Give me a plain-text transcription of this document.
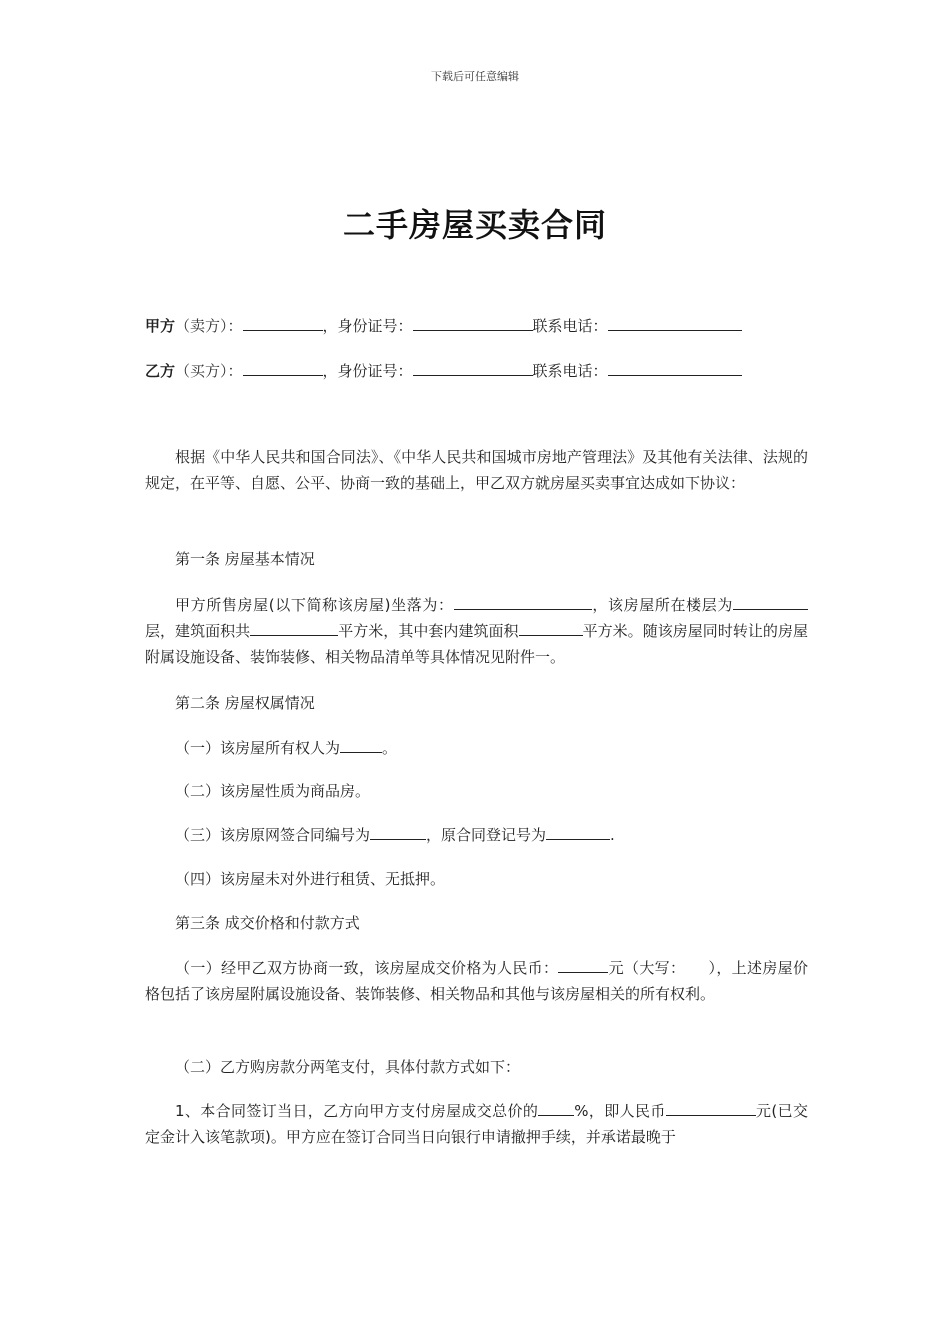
下载后可任意编辑
二手房屋买卖合同
甲方（卖方）：	，身份证号：	联系电话：
乙方（买方）：	，身份证号：	联系电话：

根据《中华人民共和国合同法》、《中华人民共和国城市房地产管理法》及其他有关法律、法规的规定，在平等、自愿、公平、协商一致的基础上，甲乙双方就房屋买卖事宜达成如下协议：

第一条 房屋基本情况

甲方所售房屋(以下简称该房屋)坐落为：	，该房屋所在楼层为层，建筑面积共	平方米，其中套内建筑面积	平方米。随该房屋同时转让的房屋附属设施设备、装饰装修、相关物品清单等具体情况见附件一。

第二条 房屋权属情况

（一）该房屋所有权人为	。

（二）该房屋性质为商品房。

（三）该房原网签合同编号为	，原合同登记号为	.

（四）该房屋未对外进行租赁、无抵押。

第三条 成交价格和付款方式

（一）经甲乙双方协商一致，该房屋成交价格为人民币：	元（大写：　　），上述房屋价格包括了该房屋附属设施设备、装饰装修、相关物品和其他与该房屋相关的所有权利。

（二）乙方购房款分两笔支付，具体付款方式如下：

1、本合同签订当日，乙方向甲方支付房屋成交总价的 %，即人民币	元(已交定金计入该笔款项)。甲方应在签订合同当日向银行申请撤押手续，并承诺最晚于
